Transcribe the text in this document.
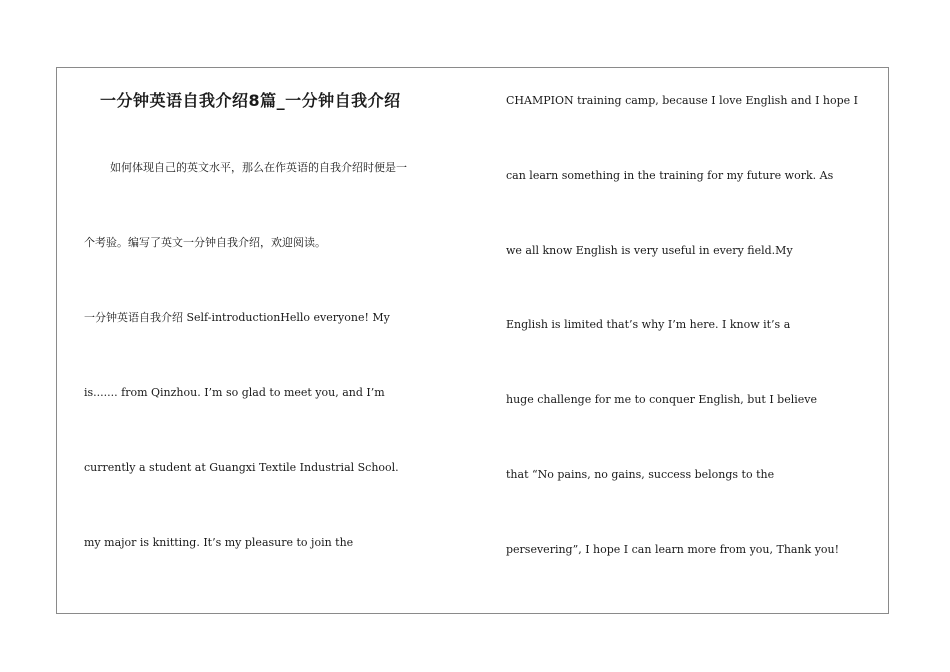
一分钟英语自我介绍8篇_一分钟自我介绍
如何体现自己的英文水平，那么在作英语的自我介绍时便是一
个考验。编写了英文一分钟自我介绍，欢迎阅读。
一分钟英语自我介绍 Self-introductionHello everyone! My
is....... from Qinzhou. I’m so glad to meet you, and I’m
currently a student at Guangxi Textile Industrial School.
my major is knitting. It’s my pleasure to join the
CHAMPION training camp, because I love English and I hope I
can learn something in the training for my future work. As
we all know English is very useful in every field.My
English is limited that’s why I’m here. I know it’s a
huge challenge for me to conquer English, but I believe
that “No pains, no gains, success belongs to the
persevering”, I hope I can learn more from you, Thank you!
